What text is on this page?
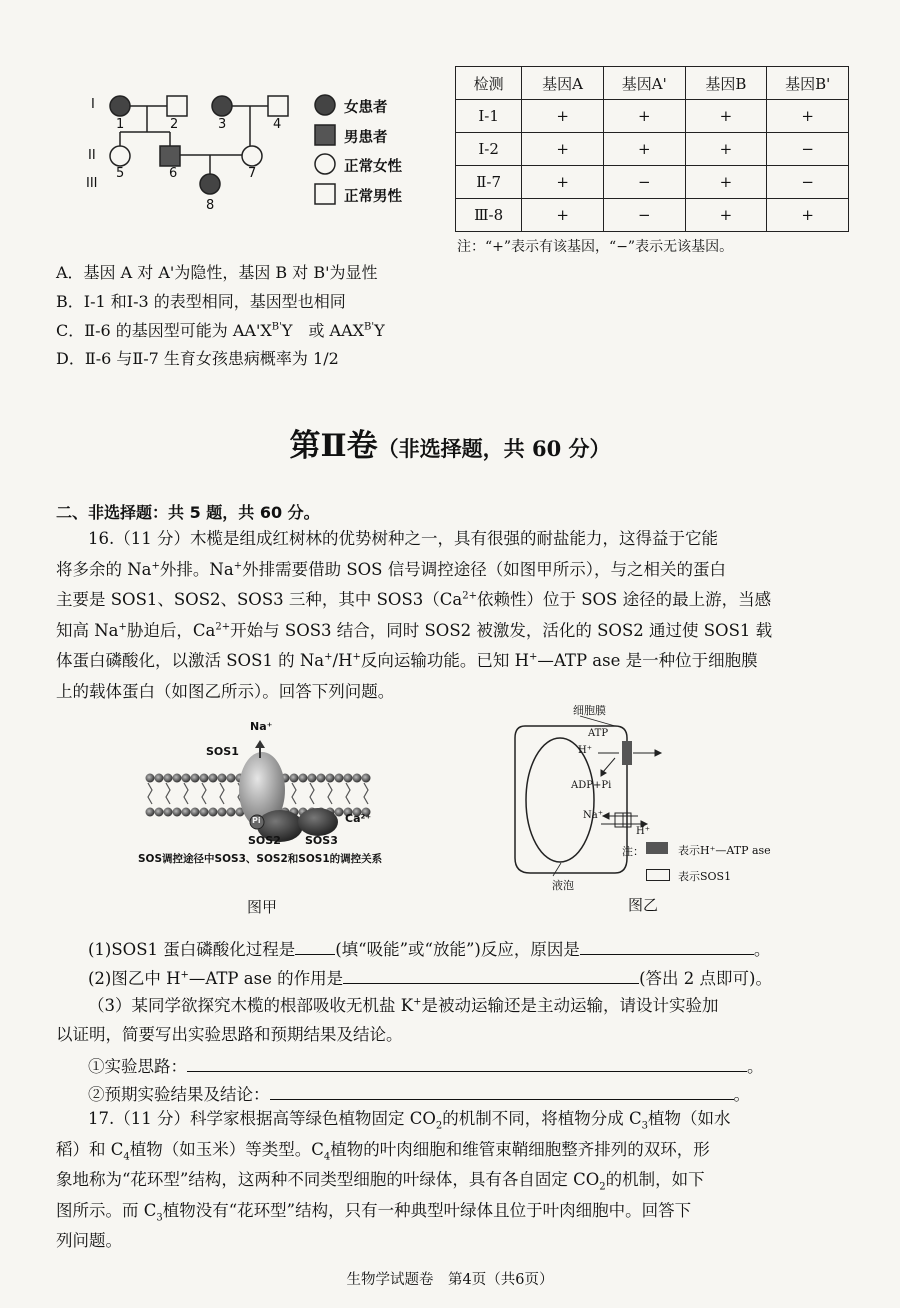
I
II
III
1	2	3	4
5	6	7
8
女患者
男患者
正常女性
正常男性
检测	基因A	基因A'	基因B	基因B'
Ⅰ-1	+	+	+	+
Ⅰ-2	+	+	+	−
Ⅱ-7	+	−	+	−
Ⅲ-8	+	−	+	+
注：“+”表示有该基因，“−”表示无该基因。
A．基因 A 对 A'为隐性，基因 B 对 B'为显性
B．Ⅰ-1 和Ⅰ-3 的表型相同，基因型也相同
C．Ⅱ-6 的基因型可能为 $AA'X^{B'}Y$　或 $AAX^{B'}Y$
D．Ⅱ-6 与Ⅱ-7 生育女孩患病概率为 1/2
第Ⅱ卷（非选择题，共 60 分）
二、非选择题：共 5 题，共 60 分。
16.（11 分）木榄是组成红树林的优势树种之一，具有很强的耐盐能力，这得益于它能
将多余的 Na+外排。Na+外排需要借助 SOS 信号调控途径（如图甲所示），与之相关的蛋白
主要是 SOS1、SOS2、SOS3 三种，其中 $SOS3(Ca^{2+}$依赖性）位于 SOS 途径的最上游，当感
知高 Na+胁迫后，$Ca^{2+}$开始与 SOS3 结合，同时 SOS2 被激发，活化的 SOS2 通过使 SOS1 载
体蛋白磷酸化，以激活 SOS1 的 Na+/H+反向运输功能。已知 H+—ATP ase 是一种位于细胞膜
上的载体蛋白（如图乙所示）。回答下列问题。
Na⁺
SOS1
Pi
SOS2 SOS3
Ca²⁺
SOS调控途径中SOS3、SOS2和SOS1的调控关系
图甲
细胞膜
ATP
H⁺
ADP+Pi
Na⁺
H⁺
液泡
注：	表示H⁺—ATP ase
表示SOS1
图乙
(1)SOS1 蛋白磷酸化过程是 (填“吸能”或“放能”)反应，原因是	。
(2)图乙中 H+—ATP ase 的作用是	(答出 2 点即可)。
（3）某同学欲探究木榄的根部吸收无机盐 K+是被动运输还是主动运输，请设计实验加
以证明，简要写出实验思路和预期结果及结论。
①实验思路：	。
②预期实验结果及结论：	。
17.（11 分）科学家根据高等绿色植物固定 $CO_2$的机制不同，将植物分成 $C_3$植物（如水
稻）和 $C_4$植物（如玉米）等类型。$C_4$植物的叶肉细胞和维管束鞘细胞整齐排列的双环，形
象地称为“花环型”结构，这两种不同类型细胞的叶绿体，具有各自固定 $CO_2$的机制，如下
图所示。而 $C_3$植物没有“花环型”结构，只有一种典型叶绿体且位于叶肉细胞中。回答下
列问题。
生物学试题卷　第4页（共6页）
